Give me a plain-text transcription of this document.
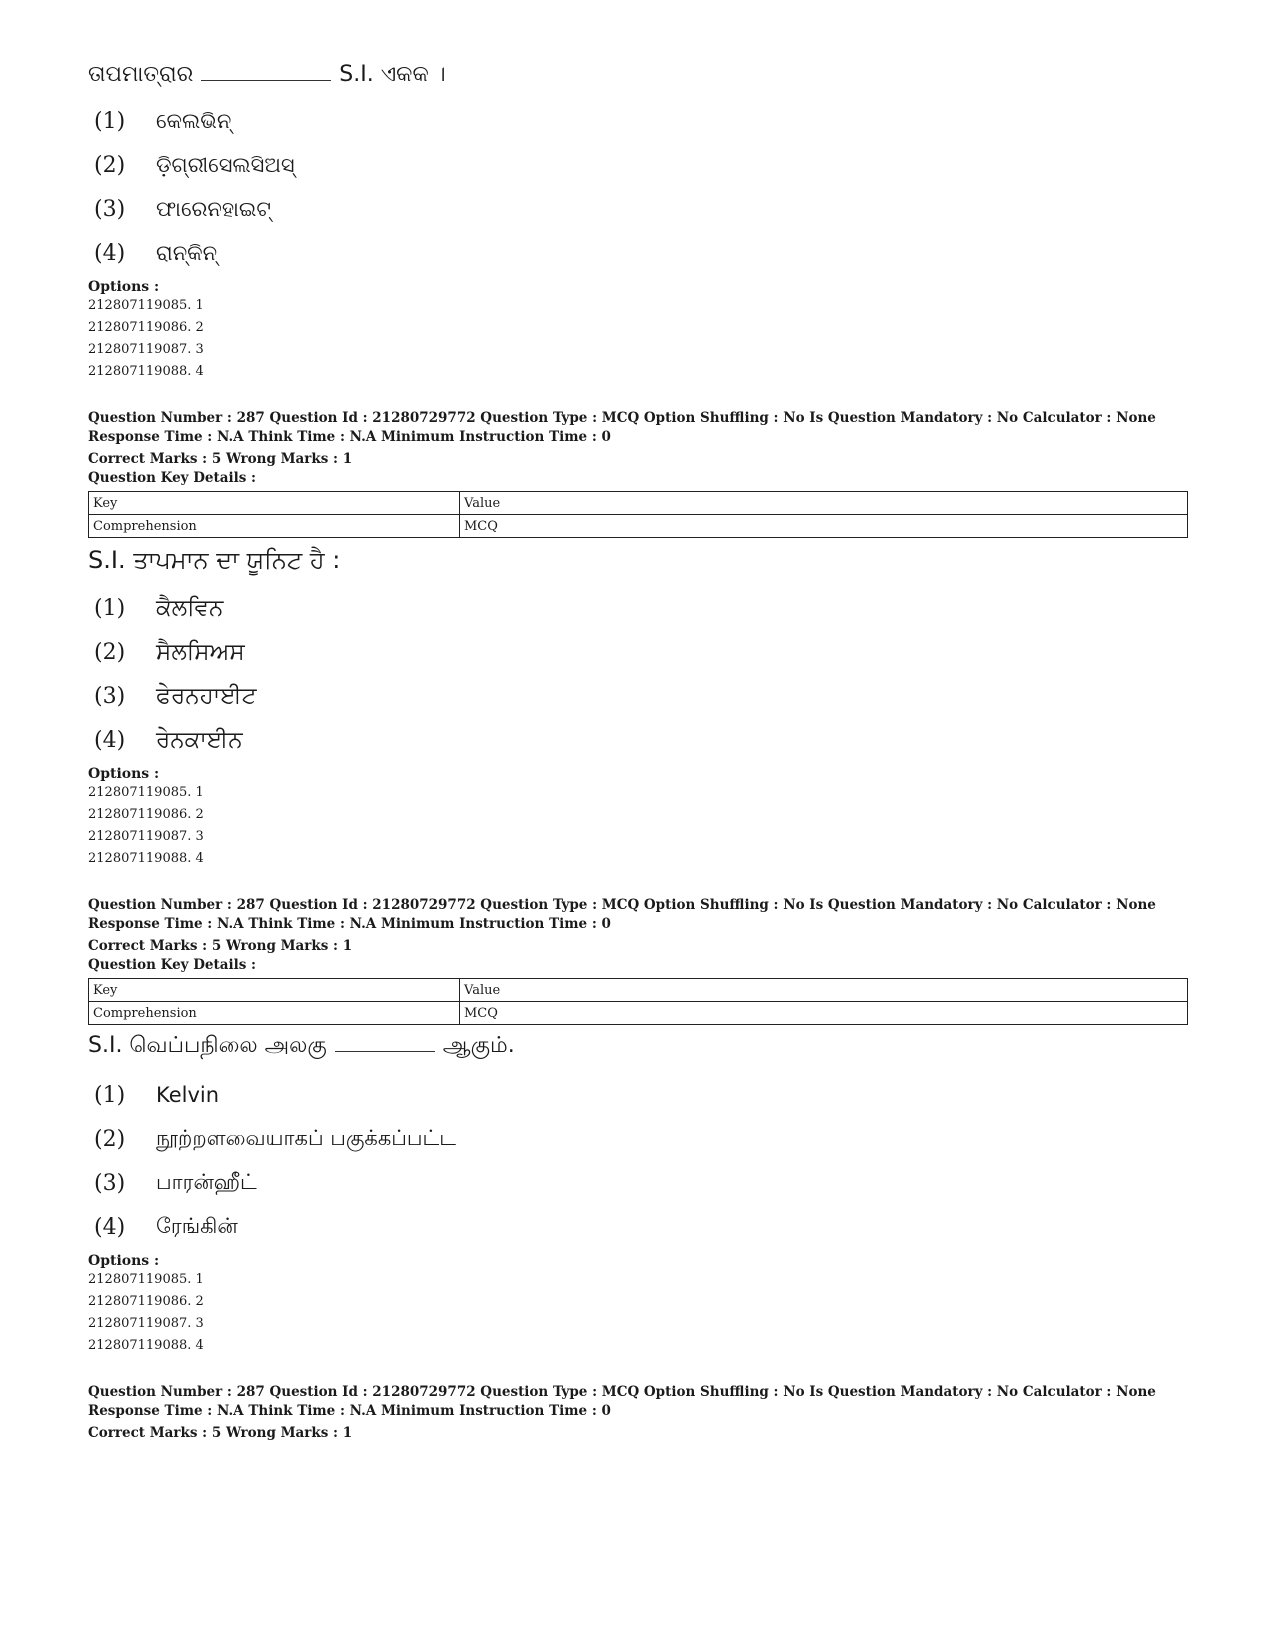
ତାପମାତ୍ରାର	S.I. ଏକକ ।
(1)	କେଲଭିନ୍
(2)	ଡ଼ିଗ୍ରୀସେଲସିଅସ୍
(3)	ଫାରେନହାଇଟ୍
(4)	ରାନ୍‌କିନ୍
Options :
212807119085. 1
212807119086. 2
212807119087. 3
212807119088. 4
Question Number : 287 Question Id : 21280729772 Question Type : MCQ Option Shuffling : No Is Question Mandatory : No Calculator : None
Response Time : N.A Think Time : N.A Minimum Instruction Time : 0
Correct Marks : 5 Wrong Marks : 1
Question Key Details :
Key	Value
Comprehension	MCQ
S.I. ਤਾਪਮਾਨ ਦਾ ਯੂਨਿਟ ਹੈ :
(1)	ਕੈਲਵਿਨ
(2)	ਸੈਲਸਿਅਸ
(3)	ਫੇਰਨਹਾਈਟ
(4)	ਰੇਨਕਾਈਨ
Options :
212807119085. 1
212807119086. 2
212807119087. 3
212807119088. 4
Question Number : 287 Question Id : 21280729772 Question Type : MCQ Option Shuffling : No Is Question Mandatory : No Calculator : None
Response Time : N.A Think Time : N.A Minimum Instruction Time : 0
Correct Marks : 5 Wrong Marks : 1
Question Key Details :
Key	Value
Comprehension	MCQ
S.I. வெப்பநிலை அலகு	ஆகும்.
(1)	Kelvin
(2)	நூற்றளவையாகப் பகுக்கப்பட்ட
(3)	பாரன்ஹீட்
(4)	ரேங்கின்
Options :
212807119085. 1
212807119086. 2
212807119087. 3
212807119088. 4
Question Number : 287 Question Id : 21280729772 Question Type : MCQ Option Shuffling : No Is Question Mandatory : No Calculator : None
Response Time : N.A Think Time : N.A Minimum Instruction Time : 0
Correct Marks : 5 Wrong Marks : 1
